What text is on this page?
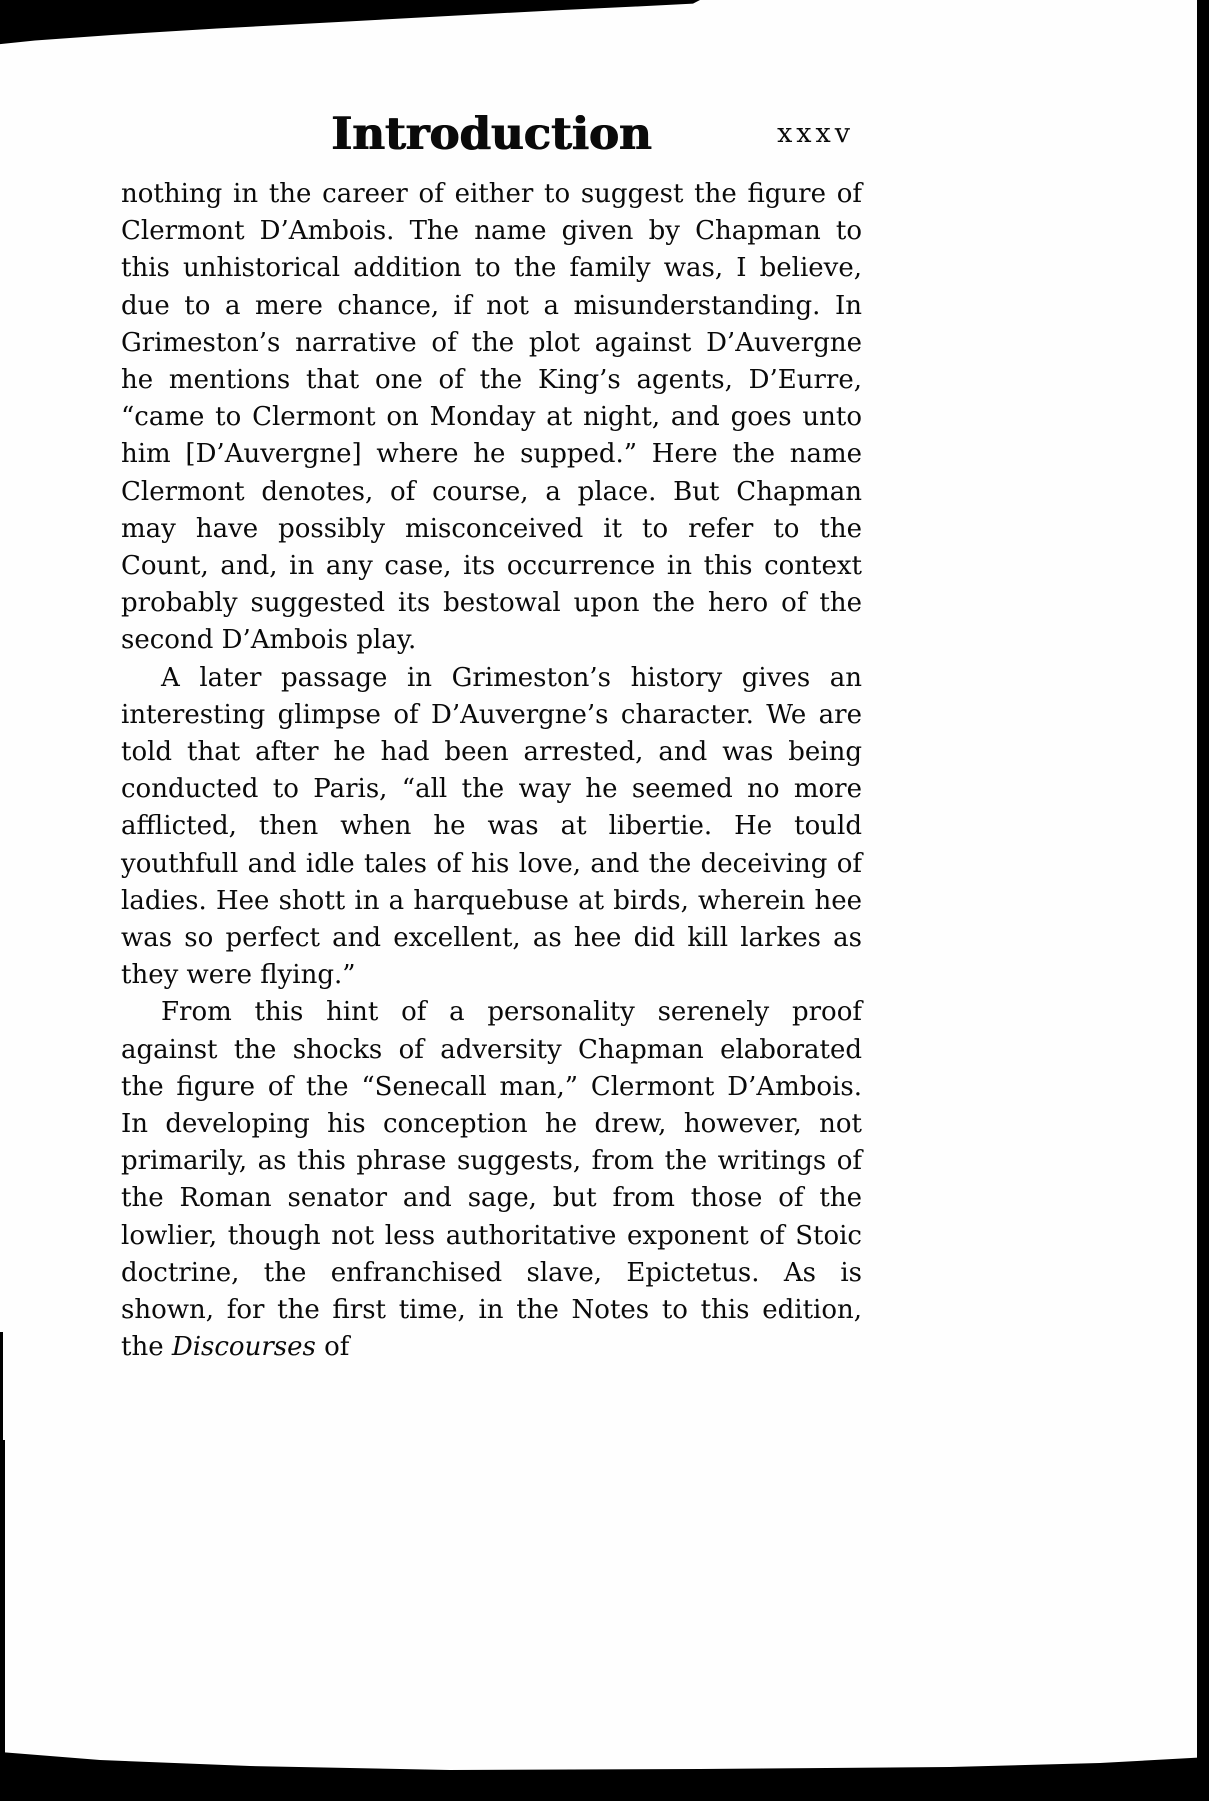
Introduction	xxxv

nothing in the career of either to suggest the figure of Clermont D’Ambois. The name given by Chapman to this unhistorical addition to the family was, I believe, due to a mere chance, if not a misunderstanding. In Grimeston’s narrative of the plot against D’Auvergne he mentions that one of the King’s agents, D’Eurre, “came to Clermont on Monday at night, and goes unto him [D’Auvergne] where he supped.” Here the name Clermont denotes, of course, a place. But Chapman may have possibly misconceived it to refer to the Count, and, in any case, its occurrence in this context probably suggested its bestowal upon the hero of the second D’Ambois play.

A later passage in Grimeston’s history gives an interesting glimpse of D’Auvergne’s character. We are told that after he had been arrested, and was being conducted to Paris, “all the way he seemed no more afflicted, then when he was at libertie. He tould youthfull and idle tales of his love, and the deceiving of ladies. Hee shott in a harquebuse at birds, wherein hee was so perfect and excellent, as hee did kill larkes as they were flying.”

From this hint of a personality serenely proof against the shocks of adversity Chapman elaborated the figure of the “Senecall man,” Clermont D’Ambois. In developing his conception he drew, however, not primarily, as this phrase suggests, from the writings of the Roman senator and sage, but from those of the lowlier, though not less authoritative exponent of Stoic doctrine, the enfranchised slave, Epictetus. As is shown, for the first time, in the Notes to this edition, the Discourses of
